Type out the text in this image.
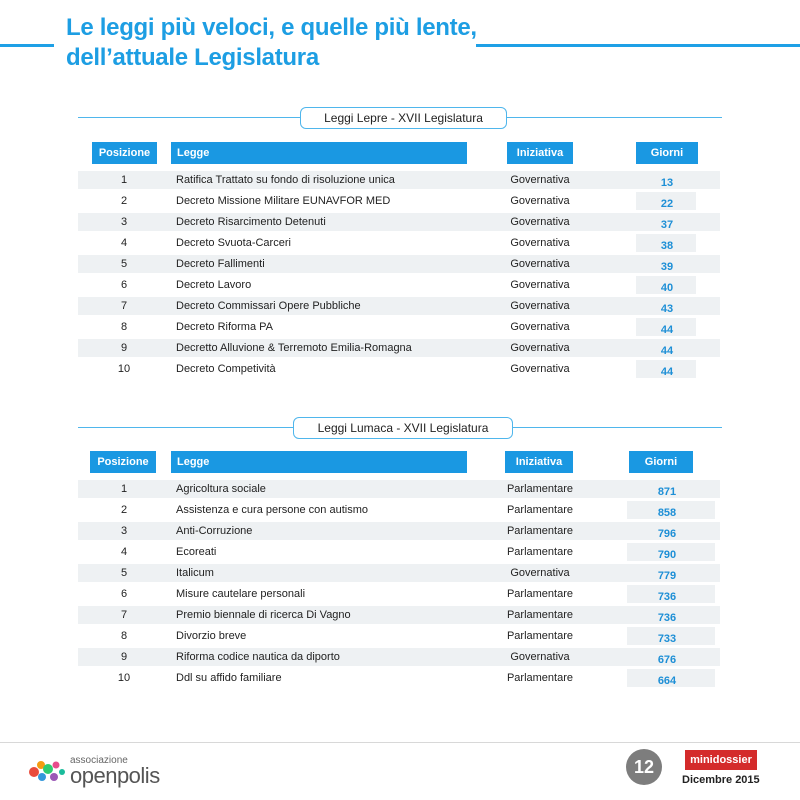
Le leggi più veloci, e quelle più lente,
dell’attuale Legislatura
Leggi Lepre - XVII Legislatura
Posizione	Legge	Iniziativa	Giorni
1	Ratifica Trattato su fondo di risoluzione unica	Governativa	13
2	Decreto Missione Militare EUNAVFOR MED	Governativa	22
3	Decreto Risarcimento Detenuti	Governativa	37
4	Decreto Svuota-Carceri	Governativa	38
5	Decreto Fallimenti	Governativa	39
6	Decreto Lavoro	Governativa	40
7	Decreto Commissari Opere Pubbliche	Governativa	43
8	Decreto Riforma PA	Governativa	44
9	Decretto Alluvione & Terremoto Emilia-Romagna	Governativa	44
10	Decreto Competività	Governativa	44
Leggi Lumaca - XVII Legislatura
Posizione	Legge	Iniziativa	Giorni
1	Agricoltura sociale	Parlamentare	871
2	Assistenza e cura persone con autismo	Parlamentare	858
3	Anti-Corruzione	Parlamentare	796
4	Ecoreati	Parlamentare	790
5	Italicum	Governativa	779
6	Misure cautelare personali	Parlamentare	736
7	Premio biennale di ricerca Di Vagno	Parlamentare	736
8	Divorzio breve	Parlamentare	733
9	Riforma codice nautica da diporto	Governativa	676
10	Ddl su affido familiare	Parlamentare	664
associazione
openpolis	12	minidossier
Dicembre 2015
